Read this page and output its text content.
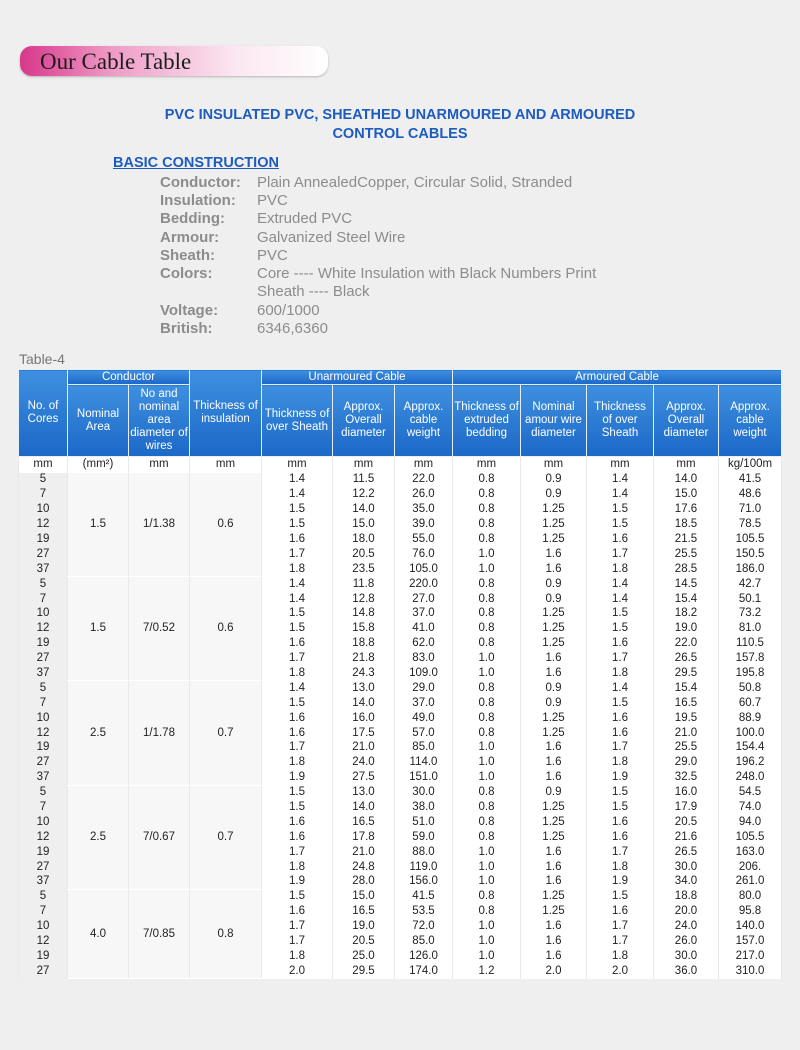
Our Cable Table
PVC INSULATED PVC, SHEATHED UNARMOURED AND ARMOURED
CONTROL CABLES
BASIC CONSTRUCTION
Conductor:	Plain AnnealedCopper, Circular Solid, Stranded
Insulation:	PVC
Bedding:	Extruded PVC
Armour:	Galvanized Steel Wire
Sheath:	PVC
Colors:	Core ---- White Insulation with Black Numbers Print
Sheath ---- Black
Voltage:	600/1000
British:	6346,6360
Table-4
No. of Cores	Conductor		Thickness of insulation	Unarmoured Cable			Armoured Cable				
	Nominal Area	No and nominal area diameter of wires		Thickness of over Sheath	Approx. Overall diameter	Approx. cable weight	Thickness of extruded bedding	Nominal amour wire diameter	Thickness of over Sheath	Approx. Overall diameter	Approx. cable weight
mm	(mm²)	mm	mm	mm	mm	mm	mm	mm	mm	mm	kg/100m
5	1.5	1/1.38	0.6	1.4	11.5	22.0	0.8	0.9	1.4	14.0	41.5
7				1.4	12.2	26.0	0.8	0.9	1.4	15.0	48.6
10				1.5	14.0	35.0	0.8	1.25	1.5	17.6	71.0
12				1.5	15.0	39.0	0.8	1.25	1.5	18.5	78.5
19				1.6	18.0	55.0	0.8	1.25	1.6	21.5	105.5
27				1.7	20.5	76.0	1.0	1.6	1.7	25.5	150.5
37				1.8	23.5	105.0	1.0	1.6	1.8	28.5	186.0
5	1.5	7/0.52	0.6	1.4	11.8	220.0	0.8	0.9	1.4	14.5	42.7
7				1.4	12.8	27.0	0.8	0.9	1.4	15.4	50.1
10				1.5	14.8	37.0	0.8	1.25	1.5	18.2	73.2
12				1.5	15.8	41.0	0.8	1.25	1.5	19.0	81.0
19				1.6	18.8	62.0	0.8	1.25	1.6	22.0	110.5
27				1.7	21.8	83.0	1.0	1.6	1.7	26.5	157.8
37				1.8	24.3	109.0	1.0	1.6	1.8	29.5	195.8
5	2.5	1/1.78	0.7	1.4	13.0	29.0	0.8	0.9	1.4	15.4	50.8
7				1.5	14.0	37.0	0.8	0.9	1.5	16.5	60.7
10				1.6	16.0	49.0	0.8	1.25	1.6	19.5	88.9
12				1.6	17.5	57.0	0.8	1.25	1.6	21.0	100.0
19				1.7	21.0	85.0	1.0	1.6	1.7	25.5	154.4
27				1.8	24.0	114.0	1.0	1.6	1.8	29.0	196.2
37				1.9	27.5	151.0	1.0	1.6	1.9	32.5	248.0
5	2.5	7/0.67	0.7	1.5	13.0	30.0	0.8	0.9	1.5	16.0	54.5
7				1.5	14.0	38.0	0.8	1.25	1.5	17.9	74.0
10				1.6	16.5	51.0	0.8	1.25	1.6	20.5	94.0
12				1.6	17.8	59.0	0.8	1.25	1.6	21.6	105.5
19				1.7	21.0	88.0	1.0	1.6	1.7	26.5	163.0
27				1.8	24.8	119.0	1.0	1.6	1.8	30.0	206.
37				1.9	28.0	156.0	1.0	1.6	1.9	34.0	261.0
5	4.0	7/0.85	0.8	1.5	15.0	41.5	0.8	1.25	1.5	18.8	80.0
7				1.6	16.5	53.5	0.8	1.25	1.6	20.0	95.8
10				1.7	19.0	72.0	1.0	1.6	1.7	24.0	140.0
12				1.7	20.5	85.0	1.0	1.6	1.7	26.0	157.0
19				1.8	25.0	126.0	1.0	1.6	1.8	30.0	217.0
27				2.0	29.5	174.0	1.2	2.0	2.0	36.0	310.0
